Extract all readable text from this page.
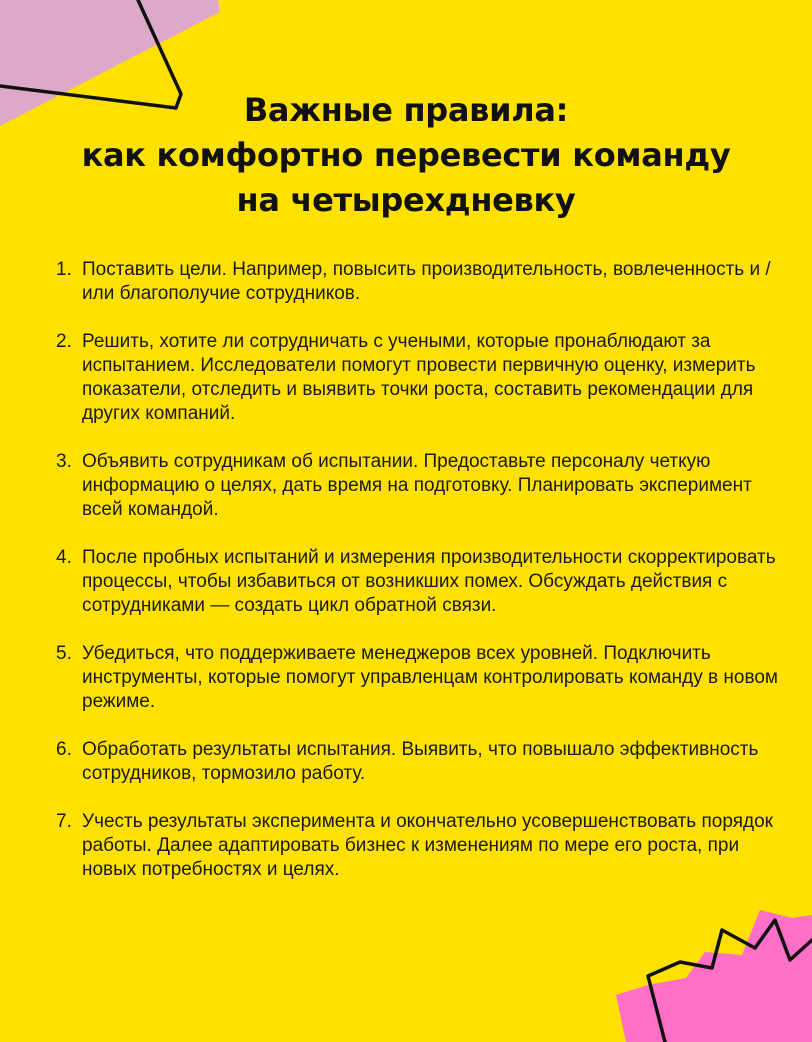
Важные правила:
как комфортно перевести команду
на четырехдневку
1. Поставить цели. Например, повысить производительность, вовлеченность и / или благополучие сотрудников.
2. Решить, хотите ли сотрудничать с учеными, которые пронаблюдают за испытанием. Исследователи помогут провести первичную оценку, измерить показатели, отследить и выявить точки роста, составить рекомендации для других компаний.
3. Объявить сотрудникам об испытании. Предоставьте персоналу четкую информацию о целях, дать время на подготовку. Планировать эксперимент всей командой.
4. После пробных испытаний и измерения производительности скорректировать процессы, чтобы избавиться от возникших помех. Обсуждать действия с сотрудниками — создать цикл обратной связи.
5. Убедиться, что поддерживаете менеджеров всех уровней. Подключить инструменты, которые помогут управленцам контролировать команду в новом режиме.
6. Обработать результаты испытания. Выявить, что повышало эффективность сотрудников, тормозило работу.
7. Учесть результаты эксперимента и окончательно усовершенствовать порядок работы. Далее адаптировать бизнес к изменениям по мере его роста, при новых потребностях и целях.
